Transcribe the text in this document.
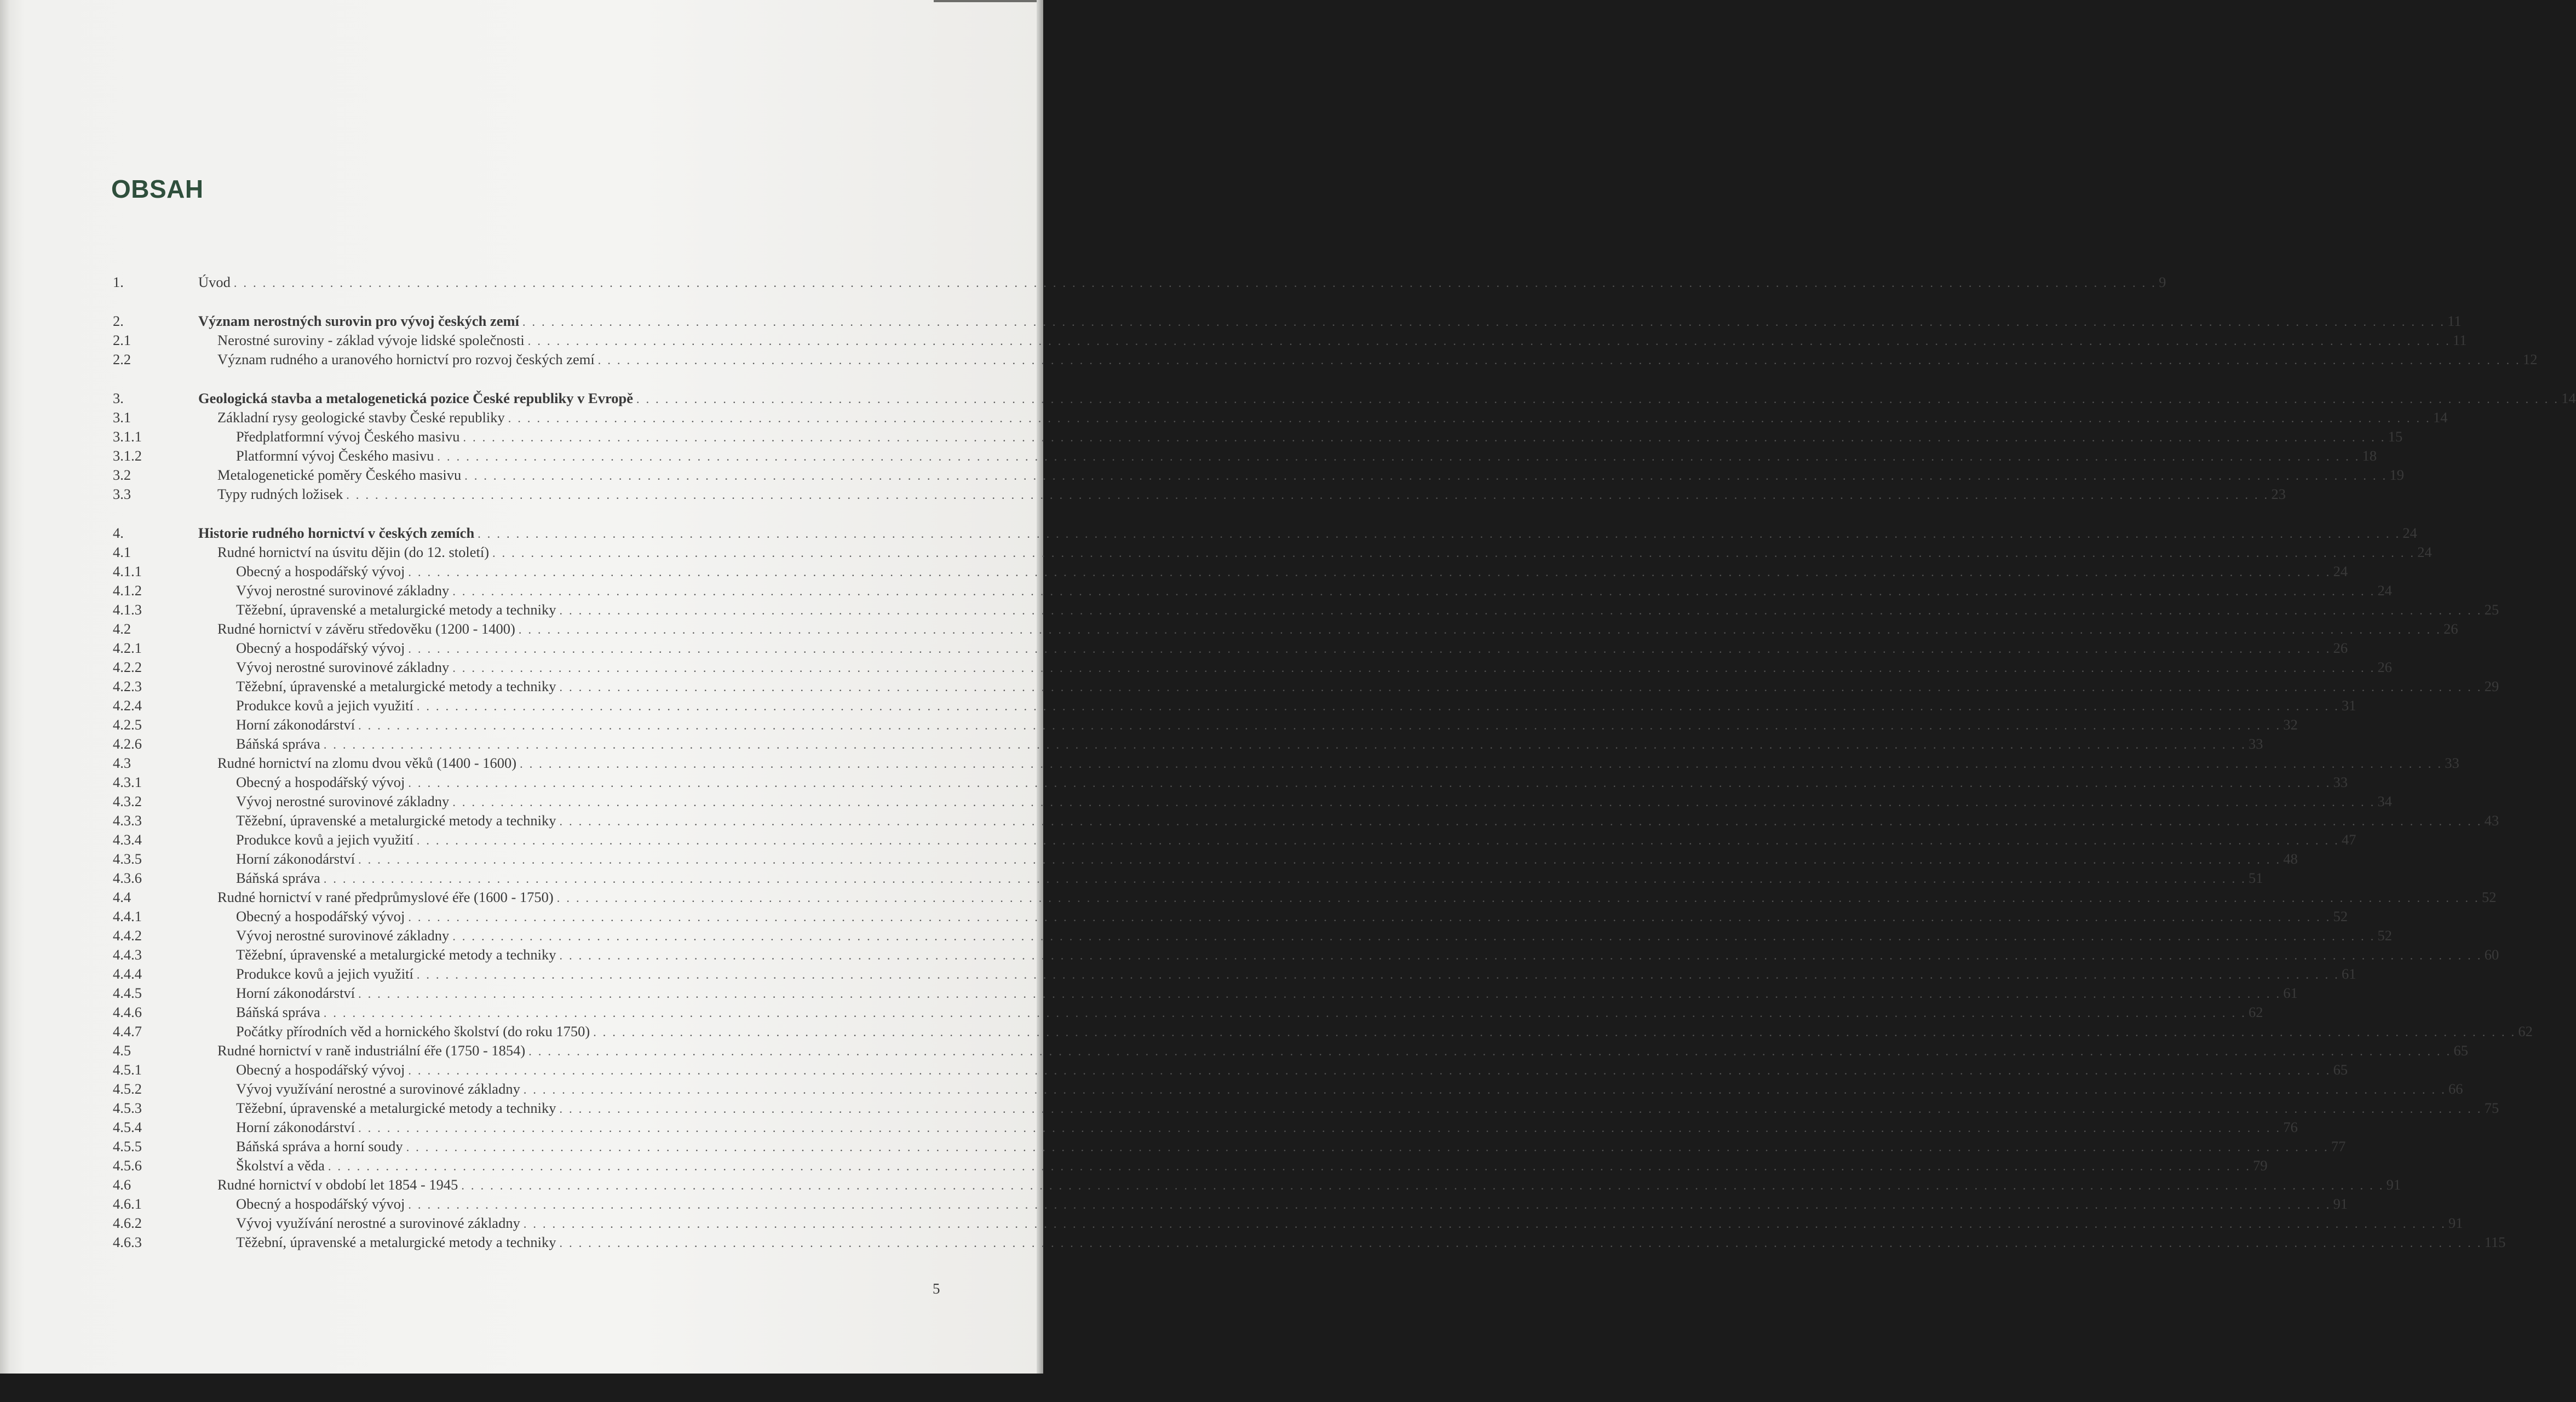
OBSAH
1.	Úvod . . . . . . . . . . . . . . . . . . . . . . . . . . . . . . . . . . . . . . . . . . . . . . . . . . . . . . . . . . . . . . . . . . . . . . . . . . . . . . . . . . . . . . . . . . . . . . . . . . . . . . . . . . . . . . . . . . . . . . . . . . . . . . . . . . . . . . . . . . . . . . . . . . . . . . . . . . . . . . . . . . . . . . . . . . . . . . . . . . . . . . . . . . . . . . . . . . . . . . . . 9
2.	Význam nerostných surovin pro vývoj českých zemí . . . . . . . . . . . . . . . . . . . . . . . . . . . . . . . . . . . . . . . . . . . . . . . . . . . . . . . . . . . . . . . . . . . . . . . . . . . . . . . . . . . . . . . . . . . . . . . . . . . . . . . . . . . . . . . . . . . . . . . . . . . . . . . . . . . . . . . . . . . . . . . . . . . . . . . . . . . . . . . . . . . . . . . . . . . . . . . . . . . . . . . . . . . . . . . . . . . . . . . . 11
2.1	Nerostné suroviny - základ vývoje lidské společnosti . . . . . . . . . . . . . . . . . . . . . . . . . . . . . . . . . . . . . . . . . . . . . . . . . . . . . . . . . . . . . . . . . . . . . . . . . . . . . . . . . . . . . . . . . . . . . . . . . . . . . . . . . . . . . . . . . . . . . . . . . . . . . . . . . . . . . . . . . . . . . . . . . . . . . . . . . . . . . . . . . . . . . . . . . . . . . . . . . . . . . . . . . . . . . . . . . . . . . . . . 11
2.2	Význam rudného a uranového hornictví pro rozvoj českých zemí . . . . . . . . . . . . . . . . . . . . . . . . . . . . . . . . . . . . . . . . . . . . . . . . . . . . . . . . . . . . . . . . . . . . . . . . . . . . . . . . . . . . . . . . . . . . . . . . . . . . . . . . . . . . . . . . . . . . . . . . . . . . . . . . . . . . . . . . . . . . . . . . . . . . . . . . . . . . . . . . . . . . . . . . . . . . . . . . . . . . . . . . . . . . . . . . . . . . . . . . 12
3.	Geologická stavba a metalogenetická pozice České republiky v Evropě . . . . . . . . . . . . . . . . . . . . . . . . . . . . . . . . . . . . . . . . . . . . . . . . . . . . . . . . . . . . . . . . . . . . . . . . . . . . . . . . . . . . . . . . . . . . . . . . . . . . . . . . . . . . . . . . . . . . . . . . . . . . . . . . . . . . . . . . . . . . . . . . . . . . . . . . . . . . . . . . . . . . . . . . . . . . . . . . . . . . . . . . . . . . . . . . . . . . . . . . 14
3.1	Základní rysy geologické stavby České republiky . . . . . . . . . . . . . . . . . . . . . . . . . . . . . . . . . . . . . . . . . . . . . . . . . . . . . . . . . . . . . . . . . . . . . . . . . . . . . . . . . . . . . . . . . . . . . . . . . . . . . . . . . . . . . . . . . . . . . . . . . . . . . . . . . . . . . . . . . . . . . . . . . . . . . . . . . . . . . . . . . . . . . . . . . . . . . . . . . . . . . . . . . . . . . . . . . . . . . . . . 14
3.1.1	Předplatformní vývoj Českého masivu . . . . . . . . . . . . . . . . . . . . . . . . . . . . . . . . . . . . . . . . . . . . . . . . . . . . . . . . . . . . . . . . . . . . . . . . . . . . . . . . . . . . . . . . . . . . . . . . . . . . . . . . . . . . . . . . . . . . . . . . . . . . . . . . . . . . . . . . . . . . . . . . . . . . . . . . . . . . . . . . . . . . . . . . . . . . . . . . . . . . . . . . . . . . . . . . . . . . . . . . 15
3.1.2	Platformní vývoj Českého masivu . . . . . . . . . . . . . . . . . . . . . . . . . . . . . . . . . . . . . . . . . . . . . . . . . . . . . . . . . . . . . . . . . . . . . . . . . . . . . . . . . . . . . . . . . . . . . . . . . . . . . . . . . . . . . . . . . . . . . . . . . . . . . . . . . . . . . . . . . . . . . . . . . . . . . . . . . . . . . . . . . . . . . . . . . . . . . . . . . . . . . . . . . . . . . . . . . . . . . . . . 18
3.2	Metalogenetické poměry Českého masivu . . . . . . . . . . . . . . . . . . . . . . . . . . . . . . . . . . . . . . . . . . . . . . . . . . . . . . . . . . . . . . . . . . . . . . . . . . . . . . . . . . . . . . . . . . . . . . . . . . . . . . . . . . . . . . . . . . . . . . . . . . . . . . . . . . . . . . . . . . . . . . . . . . . . . . . . . . . . . . . . . . . . . . . . . . . . . . . . . . . . . . . . . . . . . . . . . . . . . . . . 19
3.3	Typy rudných ložisek . . . . . . . . . . . . . . . . . . . . . . . . . . . . . . . . . . . . . . . . . . . . . . . . . . . . . . . . . . . . . . . . . . . . . . . . . . . . . . . . . . . . . . . . . . . . . . . . . . . . . . . . . . . . . . . . . . . . . . . . . . . . . . . . . . . . . . . . . . . . . . . . . . . . . . . . . . . . . . . . . . . . . . . . . . . . . . . . . . . . . . . . . . . . . . . . . . . . . . . . 23
4.	Historie rudného hornictví v českých zemích . . . . . . . . . . . . . . . . . . . . . . . . . . . . . . . . . . . . . . . . . . . . . . . . . . . . . . . . . . . . . . . . . . . . . . . . . . . . . . . . . . . . . . . . . . . . . . . . . . . . . . . . . . . . . . . . . . . . . . . . . . . . . . . . . . . . . . . . . . . . . . . . . . . . . . . . . . . . . . . . . . . . . . . . . . . . . . . . . . . . . . . . . . . . . . . . . . . . . . . . 24
4.1	Rudné hornictví na úsvitu dějin (do 12. století) . . . . . . . . . . . . . . . . . . . . . . . . . . . . . . . . . . . . . . . . . . . . . . . . . . . . . . . . . . . . . . . . . . . . . . . . . . . . . . . . . . . . . . . . . . . . . . . . . . . . . . . . . . . . . . . . . . . . . . . . . . . . . . . . . . . . . . . . . . . . . . . . . . . . . . . . . . . . . . . . . . . . . . . . . . . . . . . . . . . . . . . . . . . . . . . . . . . . . . . . 24
4.1.1	Obecný a hospodářský vývoj . . . . . . . . . . . . . . . . . . . . . . . . . . . . . . . . . . . . . . . . . . . . . . . . . . . . . . . . . . . . . . . . . . . . . . . . . . . . . . . . . . . . . . . . . . . . . . . . . . . . . . . . . . . . . . . . . . . . . . . . . . . . . . . . . . . . . . . . . . . . . . . . . . . . . . . . . . . . . . . . . . . . . . . . . . . . . . . . . . . . . . . . . . . . . . . . . . . . . . . . 24
4.1.2	Vývoj nerostné surovinové základny . . . . . . . . . . . . . . . . . . . . . . . . . . . . . . . . . . . . . . . . . . . . . . . . . . . . . . . . . . . . . . . . . . . . . . . . . . . . . . . . . . . . . . . . . . . . . . . . . . . . . . . . . . . . . . . . . . . . . . . . . . . . . . . . . . . . . . . . . . . . . . . . . . . . . . . . . . . . . . . . . . . . . . . . . . . . . . . . . . . . . . . . . . . . . . . . . . . . . . . . 24
4.1.3	Těžební, úpravenské a metalurgické metody a techniky . . . . . . . . . . . . . . . . . . . . . . . . . . . . . . . . . . . . . . . . . . . . . . . . . . . . . . . . . . . . . . . . . . . . . . . . . . . . . . . . . . . . . . . . . . . . . . . . . . . . . . . . . . . . . . . . . . . . . . . . . . . . . . . . . . . . . . . . . . . . . . . . . . . . . . . . . . . . . . . . . . . . . . . . . . . . . . . . . . . . . . . . . . . . . . . . . . . . . . . . 25
4.2	Rudné hornictví v závěru středověku (1200 - 1400) . . . . . . . . . . . . . . . . . . . . . . . . . . . . . . . . . . . . . . . . . . . . . . . . . . . . . . . . . . . . . . . . . . . . . . . . . . . . . . . . . . . . . . . . . . . . . . . . . . . . . . . . . . . . . . . . . . . . . . . . . . . . . . . . . . . . . . . . . . . . . . . . . . . . . . . . . . . . . . . . . . . . . . . . . . . . . . . . . . . . . . . . . . . . . . . . . . . . . . . . 26
4.2.1	Obecný a hospodářský vývoj . . . . . . . . . . . . . . . . . . . . . . . . . . . . . . . . . . . . . . . . . . . . . . . . . . . . . . . . . . . . . . . . . . . . . . . . . . . . . . . . . . . . . . . . . . . . . . . . . . . . . . . . . . . . . . . . . . . . . . . . . . . . . . . . . . . . . . . . . . . . . . . . . . . . . . . . . . . . . . . . . . . . . . . . . . . . . . . . . . . . . . . . . . . . . . . . . . . . . . . . 26
4.2.2	Vývoj nerostné surovinové základny . . . . . . . . . . . . . . . . . . . . . . . . . . . . . . . . . . . . . . . . . . . . . . . . . . . . . . . . . . . . . . . . . . . . . . . . . . . . . . . . . . . . . . . . . . . . . . . . . . . . . . . . . . . . . . . . . . . . . . . . . . . . . . . . . . . . . . . . . . . . . . . . . . . . . . . . . . . . . . . . . . . . . . . . . . . . . . . . . . . . . . . . . . . . . . . . . . . . . . . . 26
4.2.3	Těžební, úpravenské a metalurgické metody a techniky . . . . . . . . . . . . . . . . . . . . . . . . . . . . . . . . . . . . . . . . . . . . . . . . . . . . . . . . . . . . . . . . . . . . . . . . . . . . . . . . . . . . . . . . . . . . . . . . . . . . . . . . . . . . . . . . . . . . . . . . . . . . . . . . . . . . . . . . . . . . . . . . . . . . . . . . . . . . . . . . . . . . . . . . . . . . . . . . . . . . . . . . . . . . . . . . . . . . . . . . 29
4.2.4	Produkce kovů a jejich využití . . . . . . . . . . . . . . . . . . . . . . . . . . . . . . . . . . . . . . . . . . . . . . . . . . . . . . . . . . . . . . . . . . . . . . . . . . . . . . . . . . . . . . . . . . . . . . . . . . . . . . . . . . . . . . . . . . . . . . . . . . . . . . . . . . . . . . . . . . . . . . . . . . . . . . . . . . . . . . . . . . . . . . . . . . . . . . . . . . . . . . . . . . . . . . . . . . . . . . . . 31
4.2.5	Horní zákonodárství . . . . . . . . . . . . . . . . . . . . . . . . . . . . . . . . . . . . . . . . . . . . . . . . . . . . . . . . . . . . . . . . . . . . . . . . . . . . . . . . . . . . . . . . . . . . . . . . . . . . . . . . . . . . . . . . . . . . . . . . . . . . . . . . . . . . . . . . . . . . . . . . . . . . . . . . . . . . . . . . . . . . . . . . . . . . . . . . . . . . . . . . . . . . . . . . . . . . . . . . 32
4.2.6	Báňská správa . . . . . . . . . . . . . . . . . . . . . . . . . . . . . . . . . . . . . . . . . . . . . . . . . . . . . . . . . . . . . . . . . . . . . . . . . . . . . . . . . . . . . . . . . . . . . . . . . . . . . . . . . . . . . . . . . . . . . . . . . . . . . . . . . . . . . . . . . . . . . . . . . . . . . . . . . . . . . . . . . . . . . . . . . . . . . . . . . . . . . . . . . . . . . . . . . . . . . . . . 33
4.3	Rudné hornictví na zlomu dvou věků (1400 - 1600) . . . . . . . . . . . . . . . . . . . . . . . . . . . . . . . . . . . . . . . . . . . . . . . . . . . . . . . . . . . . . . . . . . . . . . . . . . . . . . . . . . . . . . . . . . . . . . . . . . . . . . . . . . . . . . . . . . . . . . . . . . . . . . . . . . . . . . . . . . . . . . . . . . . . . . . . . . . . . . . . . . . . . . . . . . . . . . . . . . . . . . . . . . . . . . . . . . . . . . . . 33
4.3.1	Obecný a hospodářský vývoj . . . . . . . . . . . . . . . . . . . . . . . . . . . . . . . . . . . . . . . . . . . . . . . . . . . . . . . . . . . . . . . . . . . . . . . . . . . . . . . . . . . . . . . . . . . . . . . . . . . . . . . . . . . . . . . . . . . . . . . . . . . . . . . . . . . . . . . . . . . . . . . . . . . . . . . . . . . . . . . . . . . . . . . . . . . . . . . . . . . . . . . . . . . . . . . . . . . . . . . . 33
4.3.2	Vývoj nerostné surovinové základny . . . . . . . . . . . . . . . . . . . . . . . . . . . . . . . . . . . . . . . . . . . . . . . . . . . . . . . . . . . . . . . . . . . . . . . . . . . . . . . . . . . . . . . . . . . . . . . . . . . . . . . . . . . . . . . . . . . . . . . . . . . . . . . . . . . . . . . . . . . . . . . . . . . . . . . . . . . . . . . . . . . . . . . . . . . . . . . . . . . . . . . . . . . . . . . . . . . . . . . . 34
4.3.3	Těžební, úpravenské a metalurgické metody a techniky . . . . . . . . . . . . . . . . . . . . . . . . . . . . . . . . . . . . . . . . . . . . . . . . . . . . . . . . . . . . . . . . . . . . . . . . . . . . . . . . . . . . . . . . . . . . . . . . . . . . . . . . . . . . . . . . . . . . . . . . . . . . . . . . . . . . . . . . . . . . . . . . . . . . . . . . . . . . . . . . . . . . . . . . . . . . . . . . . . . . . . . . . . . . . . . . . . . . . . . . 43
4.3.4	Produkce kovů a jejich využití . . . . . . . . . . . . . . . . . . . . . . . . . . . . . . . . . . . . . . . . . . . . . . . . . . . . . . . . . . . . . . . . . . . . . . . . . . . . . . . . . . . . . . . . . . . . . . . . . . . . . . . . . . . . . . . . . . . . . . . . . . . . . . . . . . . . . . . . . . . . . . . . . . . . . . . . . . . . . . . . . . . . . . . . . . . . . . . . . . . . . . . . . . . . . . . . . . . . . . . . 47
4.3.5	Horní zákonodárství . . . . . . . . . . . . . . . . . . . . . . . . . . . . . . . . . . . . . . . . . . . . . . . . . . . . . . . . . . . . . . . . . . . . . . . . . . . . . . . . . . . . . . . . . . . . . . . . . . . . . . . . . . . . . . . . . . . . . . . . . . . . . . . . . . . . . . . . . . . . . . . . . . . . . . . . . . . . . . . . . . . . . . . . . . . . . . . . . . . . . . . . . . . . . . . . . . . . . . . . 48
4.3.6	Báňská správa . . . . . . . . . . . . . . . . . . . . . . . . . . . . . . . . . . . . . . . . . . . . . . . . . . . . . . . . . . . . . . . . . . . . . . . . . . . . . . . . . . . . . . . . . . . . . . . . . . . . . . . . . . . . . . . . . . . . . . . . . . . . . . . . . . . . . . . . . . . . . . . . . . . . . . . . . . . . . . . . . . . . . . . . . . . . . . . . . . . . . . . . . . . . . . . . . . . . . . . . 51
4.4	Rudné hornictví v rané předprůmyslové éře (1600 - 1750) . . . . . . . . . . . . . . . . . . . . . . . . . . . . . . . . . . . . . . . . . . . . . . . . . . . . . . . . . . . . . . . . . . . . . . . . . . . . . . . . . . . . . . . . . . . . . . . . . . . . . . . . . . . . . . . . . . . . . . . . . . . . . . . . . . . . . . . . . . . . . . . . . . . . . . . . . . . . . . . . . . . . . . . . . . . . . . . . . . . . . . . . . . . . . . . . . . . . . . . . 52
4.4.1	Obecný a hospodářský vývoj . . . . . . . . . . . . . . . . . . . . . . . . . . . . . . . . . . . . . . . . . . . . . . . . . . . . . . . . . . . . . . . . . . . . . . . . . . . . . . . . . . . . . . . . . . . . . . . . . . . . . . . . . . . . . . . . . . . . . . . . . . . . . . . . . . . . . . . . . . . . . . . . . . . . . . . . . . . . . . . . . . . . . . . . . . . . . . . . . . . . . . . . . . . . . . . . . . . . . . . . 52
4.4.2	Vývoj nerostné surovinové základny . . . . . . . . . . . . . . . . . . . . . . . . . . . . . . . . . . . . . . . . . . . . . . . . . . . . . . . . . . . . . . . . . . . . . . . . . . . . . . . . . . . . . . . . . . . . . . . . . . . . . . . . . . . . . . . . . . . . . . . . . . . . . . . . . . . . . . . . . . . . . . . . . . . . . . . . . . . . . . . . . . . . . . . . . . . . . . . . . . . . . . . . . . . . . . . . . . . . . . . . 52
4.4.3	Těžební, úpravenské a metalurgické metody a techniky . . . . . . . . . . . . . . . . . . . . . . . . . . . . . . . . . . . . . . . . . . . . . . . . . . . . . . . . . . . . . . . . . . . . . . . . . . . . . . . . . . . . . . . . . . . . . . . . . . . . . . . . . . . . . . . . . . . . . . . . . . . . . . . . . . . . . . . . . . . . . . . . . . . . . . . . . . . . . . . . . . . . . . . . . . . . . . . . . . . . . . . . . . . . . . . . . . . . . . . . 60
4.4.4	Produkce kovů a jejich využití . . . . . . . . . . . . . . . . . . . . . . . . . . . . . . . . . . . . . . . . . . . . . . . . . . . . . . . . . . . . . . . . . . . . . . . . . . . . . . . . . . . . . . . . . . . . . . . . . . . . . . . . . . . . . . . . . . . . . . . . . . . . . . . . . . . . . . . . . . . . . . . . . . . . . . . . . . . . . . . . . . . . . . . . . . . . . . . . . . . . . . . . . . . . . . . . . . . . . . . . 61
4.4.5	Horní zákonodárství . . . . . . . . . . . . . . . . . . . . . . . . . . . . . . . . . . . . . . . . . . . . . . . . . . . . . . . . . . . . . . . . . . . . . . . . . . . . . . . . . . . . . . . . . . . . . . . . . . . . . . . . . . . . . . . . . . . . . . . . . . . . . . . . . . . . . . . . . . . . . . . . . . . . . . . . . . . . . . . . . . . . . . . . . . . . . . . . . . . . . . . . . . . . . . . . . . . . . . . . 61
4.4.6	Báňská správa . . . . . . . . . . . . . . . . . . . . . . . . . . . . . . . . . . . . . . . . . . . . . . . . . . . . . . . . . . . . . . . . . . . . . . . . . . . . . . . . . . . . . . . . . . . . . . . . . . . . . . . . . . . . . . . . . . . . . . . . . . . . . . . . . . . . . . . . . . . . . . . . . . . . . . . . . . . . . . . . . . . . . . . . . . . . . . . . . . . . . . . . . . . . . . . . . . . . . . . . 62
4.4.7	Počátky přírodních věd a hornického školství (do roku 1750) . . . . . . . . . . . . . . . . . . . . . . . . . . . . . . . . . . . . . . . . . . . . . . . . . . . . . . . . . . . . . . . . . . . . . . . . . . . . . . . . . . . . . . . . . . . . . . . . . . . . . . . . . . . . . . . . . . . . . . . . . . . . . . . . . . . . . . . . . . . . . . . . . . . . . . . . . . . . . . . . . . . . . . . . . . . . . . . . . . . . . . . . . . . . . . . . . . . . . . . . 62
4.5	Rudné hornictví v raně industriální éře (1750 - 1854) . . . . . . . . . . . . . . . . . . . . . . . . . . . . . . . . . . . . . . . . . . . . . . . . . . . . . . . . . . . . . . . . . . . . . . . . . . . . . . . . . . . . . . . . . . . . . . . . . . . . . . . . . . . . . . . . . . . . . . . . . . . . . . . . . . . . . . . . . . . . . . . . . . . . . . . . . . . . . . . . . . . . . . . . . . . . . . . . . . . . . . . . . . . . . . . . . . . . . . . . 65
4.5.1	Obecný a hospodářský vývoj . . . . . . . . . . . . . . . . . . . . . . . . . . . . . . . . . . . . . . . . . . . . . . . . . . . . . . . . . . . . . . . . . . . . . . . . . . . . . . . . . . . . . . . . . . . . . . . . . . . . . . . . . . . . . . . . . . . . . . . . . . . . . . . . . . . . . . . . . . . . . . . . . . . . . . . . . . . . . . . . . . . . . . . . . . . . . . . . . . . . . . . . . . . . . . . . . . . . . . . . 65
4.5.2	Vývoj využívání nerostné a surovinové základny . . . . . . . . . . . . . . . . . . . . . . . . . . . . . . . . . . . . . . . . . . . . . . . . . . . . . . . . . . . . . . . . . . . . . . . . . . . . . . . . . . . . . . . . . . . . . . . . . . . . . . . . . . . . . . . . . . . . . . . . . . . . . . . . . . . . . . . . . . . . . . . . . . . . . . . . . . . . . . . . . . . . . . . . . . . . . . . . . . . . . . . . . . . . . . . . . . . . . . . . 66
4.5.3	Těžební, úpravenské a metalurgické metody a techniky . . . . . . . . . . . . . . . . . . . . . . . . . . . . . . . . . . . . . . . . . . . . . . . . . . . . . . . . . . . . . . . . . . . . . . . . . . . . . . . . . . . . . . . . . . . . . . . . . . . . . . . . . . . . . . . . . . . . . . . . . . . . . . . . . . . . . . . . . . . . . . . . . . . . . . . . . . . . . . . . . . . . . . . . . . . . . . . . . . . . . . . . . . . . . . . . . . . . . . . . 75
4.5.4	Horní zákonodárství . . . . . . . . . . . . . . . . . . . . . . . . . . . . . . . . . . . . . . . . . . . . . . . . . . . . . . . . . . . . . . . . . . . . . . . . . . . . . . . . . . . . . . . . . . . . . . . . . . . . . . . . . . . . . . . . . . . . . . . . . . . . . . . . . . . . . . . . . . . . . . . . . . . . . . . . . . . . . . . . . . . . . . . . . . . . . . . . . . . . . . . . . . . . . . . . . . . . . . . . 76
4.5.5	Báňská správa a horní soudy . . . . . . . . . . . . . . . . . . . . . . . . . . . . . . . . . . . . . . . . . . . . . . . . . . . . . . . . . . . . . . . . . . . . . . . . . . . . . . . . . . . . . . . . . . . . . . . . . . . . . . . . . . . . . . . . . . . . . . . . . . . . . . . . . . . . . . . . . . . . . . . . . . . . . . . . . . . . . . . . . . . . . . . . . . . . . . . . . . . . . . . . . . . . . . . . . . . . . . . . 77
4.5.6	Školství a věda . . . . . . . . . . . . . . . . . . . . . . . . . . . . . . . . . . . . . . . . . . . . . . . . . . . . . . . . . . . . . . . . . . . . . . . . . . . . . . . . . . . . . . . . . . . . . . . . . . . . . . . . . . . . . . . . . . . . . . . . . . . . . . . . . . . . . . . . . . . . . . . . . . . . . . . . . . . . . . . . . . . . . . . . . . . . . . . . . . . . . . . . . . . . . . . . . . . . . . . . 79
4.6	Rudné hornictví v období let 1854 - 1945 . . . . . . . . . . . . . . . . . . . . . . . . . . . . . . . . . . . . . . . . . . . . . . . . . . . . . . . . . . . . . . . . . . . . . . . . . . . . . . . . . . . . . . . . . . . . . . . . . . . . . . . . . . . . . . . . . . . . . . . . . . . . . . . . . . . . . . . . . . . . . . . . . . . . . . . . . . . . . . . . . . . . . . . . . . . . . . . . . . . . . . . . . . . . . . . . . . . . . . . . 91
4.6.1	Obecný a hospodářský vývoj . . . . . . . . . . . . . . . . . . . . . . . . . . . . . . . . . . . . . . . . . . . . . . . . . . . . . . . . . . . . . . . . . . . . . . . . . . . . . . . . . . . . . . . . . . . . . . . . . . . . . . . . . . . . . . . . . . . . . . . . . . . . . . . . . . . . . . . . . . . . . . . . . . . . . . . . . . . . . . . . . . . . . . . . . . . . . . . . . . . . . . . . . . . . . . . . . . . . . . . . 91
4.6.2	Vývoj využívání nerostné a surovinové základny . . . . . . . . . . . . . . . . . . . . . . . . . . . . . . . . . . . . . . . . . . . . . . . . . . . . . . . . . . . . . . . . . . . . . . . . . . . . . . . . . . . . . . . . . . . . . . . . . . . . . . . . . . . . . . . . . . . . . . . . . . . . . . . . . . . . . . . . . . . . . . . . . . . . . . . . . . . . . . . . . . . . . . . . . . . . . . . . . . . . . . . . . . . . . . . . . . . . . . . . 91
4.6.3	Těžební, úpravenské a metalurgické metody a techniky . . . . . . . . . . . . . . . . . . . . . . . . . . . . . . . . . . . . . . . . . . . . . . . . . . . . . . . . . . . . . . . . . . . . . . . . . . . . . . . . . . . . . . . . . . . . . . . . . . . . . . . . . . . . . . . . . . . . . . . . . . . . . . . . . . . . . . . . . . . . . . . . . . . . . . . . . . . . . . . . . . . . . . . . . . . . . . . . . . . . . . . . . . . . . . . . . . . . . . . . 115
5
